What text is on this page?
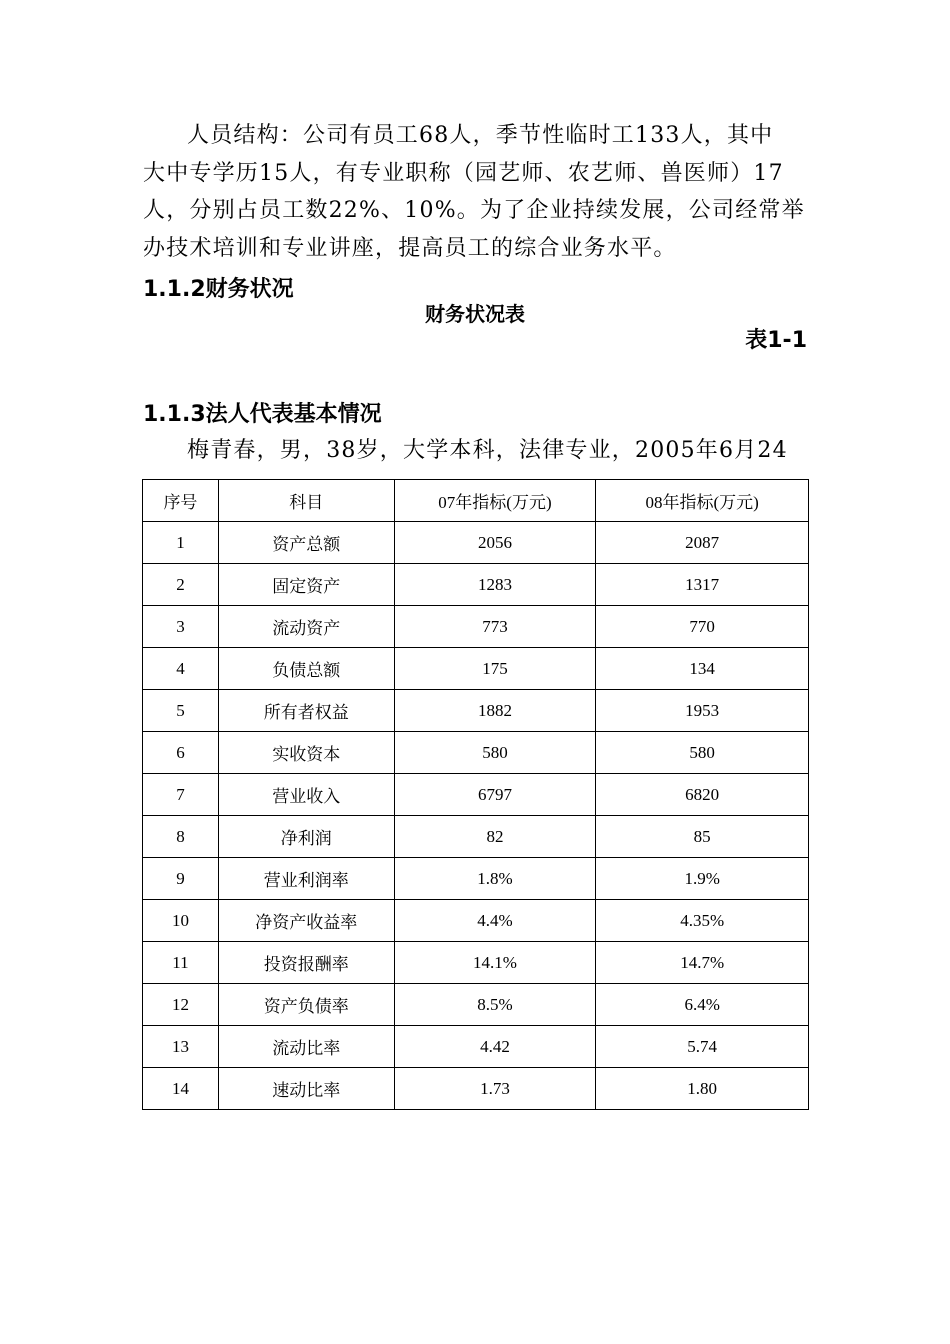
人员结构：公司有员工68人，季节性临时工133人，其中

大中专学历15人，有专业职称（园艺师、农艺师、兽医师）17

人，分别占员工数22%、10%。为了企业持续发展，公司经常举

办技术培训和专业讲座，提高员工的综合业务水平。

1.1.2财务状况
财务状况表
表1-1
1.1.3法人代表基本情况
梅青春，男，38岁，大学本科，法律专业，2005年6月24
序号	科目	07年指标(万元)	08年指标(万元)
1	资产总额	2056	2087
2	固定资产	1283	1317
3	流动资产	773	770
4	负债总额	175	134
5	所有者权益	1882	1953
6	实收资本	580	580
7	营业收入	6797	6820
8	净利润	82	85
9	营业利润率	1.8%	1.9%
10	净资产收益率	4.4%	4.35%
11	投资报酬率	14.1%	14.7%
12	资产负债率	8.5%	6.4%
13	流动比率	4.42	5.74
14	速动比率	1.73	1.80
